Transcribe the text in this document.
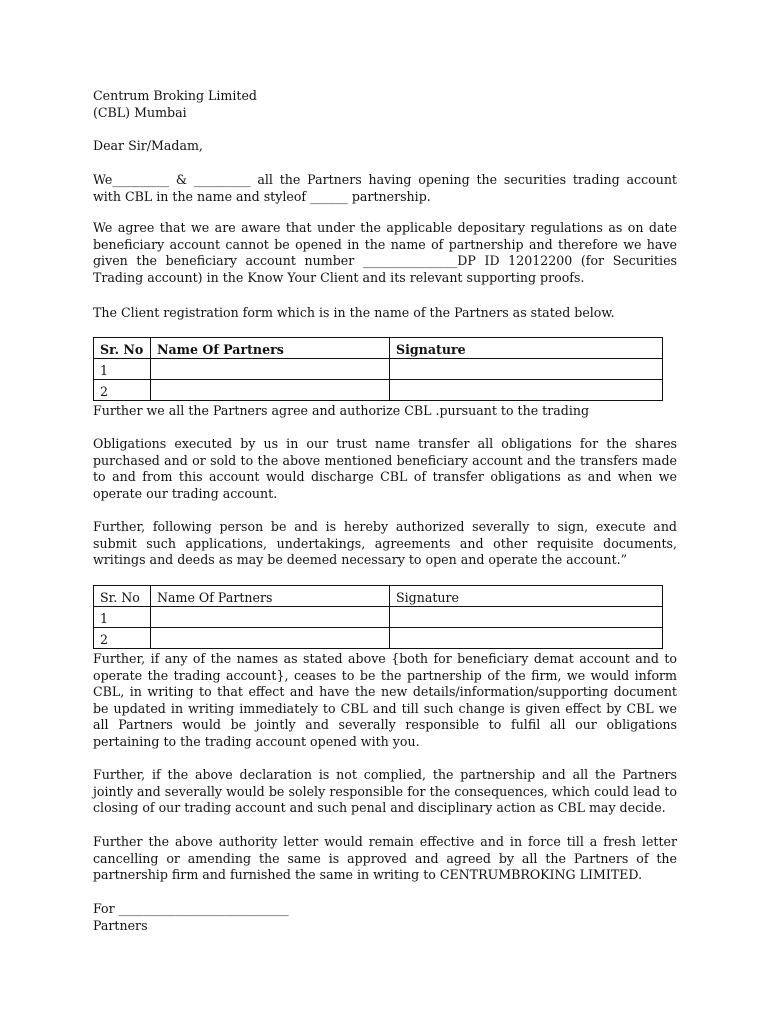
Centrum Broking Limited
(CBL) Mumbai

Dear Sir/Madam,

We_________ & _________ all the Partners having opening the securities trading account
with CBL in the name and styleof ______ partnership.

We agree that we are aware that under the applicable depositary regulations as on date beneficiary account cannot be opened in the name of partnership and therefore we have given the beneficiary account number _______________DP ID 12012200 (for Securities Trading account) in the Know Your Client and its relevant supporting proofs.

The Client registration form which is in the name of the Partners as stated below.

Sr. No	Name Of Partners	Signature
1		
2		

Further we all the Partners agree and authorize CBL .pursuant to the trading

Obligations executed by us in our trust name transfer all obligations for the shares purchased and or sold to the above mentioned beneficiary account and the transfers made to and from this account would discharge CBL of transfer obligations as and when we operate our trading account.

Further, following person be and is hereby authorized severally to sign, execute and submit such applications, undertakings, agreements and other requisite documents, writings and deeds as may be deemed necessary to open and operate the account.”

Sr. No	Name Of Partners	Signature
1		
2		

Further, if any of the names as stated above {both for beneficiary demat account and to operate the trading account}, ceases to be the partnership of the firm, we would inform CBL, in writing to that effect and have the new details/information/supporting document be updated in writing immediately to CBL and till such change is given effect by CBL we all Partners would be jointly and severally responsible to fulfil all our obligations pertaining to the trading account opened with you.

Further, if the above declaration is not complied, the partnership and all the Partners jointly and severally would be solely responsible for the consequences, which could lead to closing of our trading account and such penal and disciplinary action as CBL may decide.

Further the above authority letter would remain effective and in force till a fresh letter cancelling or amending the same is approved and agreed by all the Partners of the partnership firm and furnished the same in writing to CENTRUMBROKING LIMITED.

For ___________________________
Partners
